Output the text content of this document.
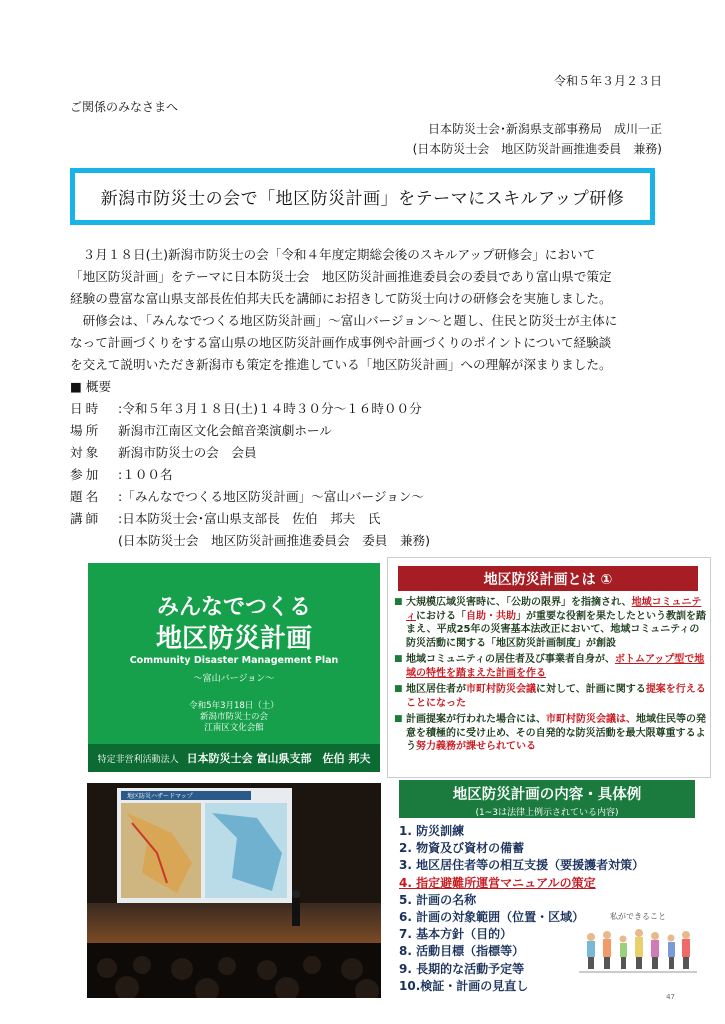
令和５年３月２３日
ご関係のみなさまへ
日本防災士会･新潟県支部事務局　成川一正
(日本防災士会　地区防災計画推進委員　兼務)
新潟市防災士の会で「地区防災計画」をテーマにスキルアップ研修

　３月１８日(土)新潟市防災士の会「令和４年度定期総会後のスキルアップ研修会」において

「地区防災計画」をテーマに日本防災士会　地区防災計画推進委員会の委員であり富山県で策定

経験の豊富な富山県支部長佐伯邦夫氏を講師にお招きして防災士向けの研修会を実施しました。

　研修会は、「みんなでつくる地区防災計画」～富山バージョン～と題し、住民と防災士が主体に

なって計画づくりをする富山県の地区防災計画作成事例や計画づくりのポイントについて経験談

を交えて説明いただき新潟市も策定を推進している「地区防災計画」への理解が深まりました。

■ 概要
日時	:令和５年３月１８日(土)１４時３０分～１６時００分
場所	新潟市江南区文化会館音楽演劇ホール
対象	新潟市防災士の会　会員
参加	:１００名
題名	:「みんなでつくる地区防災計画」～富山バージョン～
講師	:日本防災士会･富山県支部長　佐伯　邦夫　氏
(日本防災士会　地区防災計画推進委員会　委員　兼務)
みんなでつくる
地区防災計画
Community Disaster Management Plan
～富山バージョン～
令和5年3月18日（土）
新潟市防災士の会
江南区文化会館
特定非営利活動法人 日本防災士会 富山県支部　佐伯 邦夫
地区防災計画とは ①
■ 大規模広域災害時に、「公助の限界」を指摘され、地域コミュニティにおける「自助・共助」が重要な役割を果たしたという教訓を踏まえ、平成25年の災害基本法改正において、地域コミュニティの防災活動に関する「地区防災計画制度」が創設
■ 地域コミュニティの居住者及び事業者自身が、ボトムアップ型で地域の特性を踏まえた計画を作る
■ 地区居住者が市町村防災会議に対して、計画に関する提案を行えることになった
■ 計画提案が行われた場合には、市町村防災会議は、地域住民等の発意を積極的に受け止め、その自発的な防災活動を最大限尊重するよう努力義務が課せられている
地区防災ハザードマップ	地区防災計画の内容・具体例
(1~3は法律上例示されている内容)
1. 防災訓練
2. 物資及び資材の備蓄
3. 地区居住者等の相互支援（要援護者対策）
4. 指定避難所運営マニュアルの策定
5. 計画の名称
6. 計画の対象範囲（位置・区域）
7. 基本方針（目的）
8. 活動目標（指標等）
9. 長期的な活動予定等
10.検証・計画の見直し
私ができること
47
